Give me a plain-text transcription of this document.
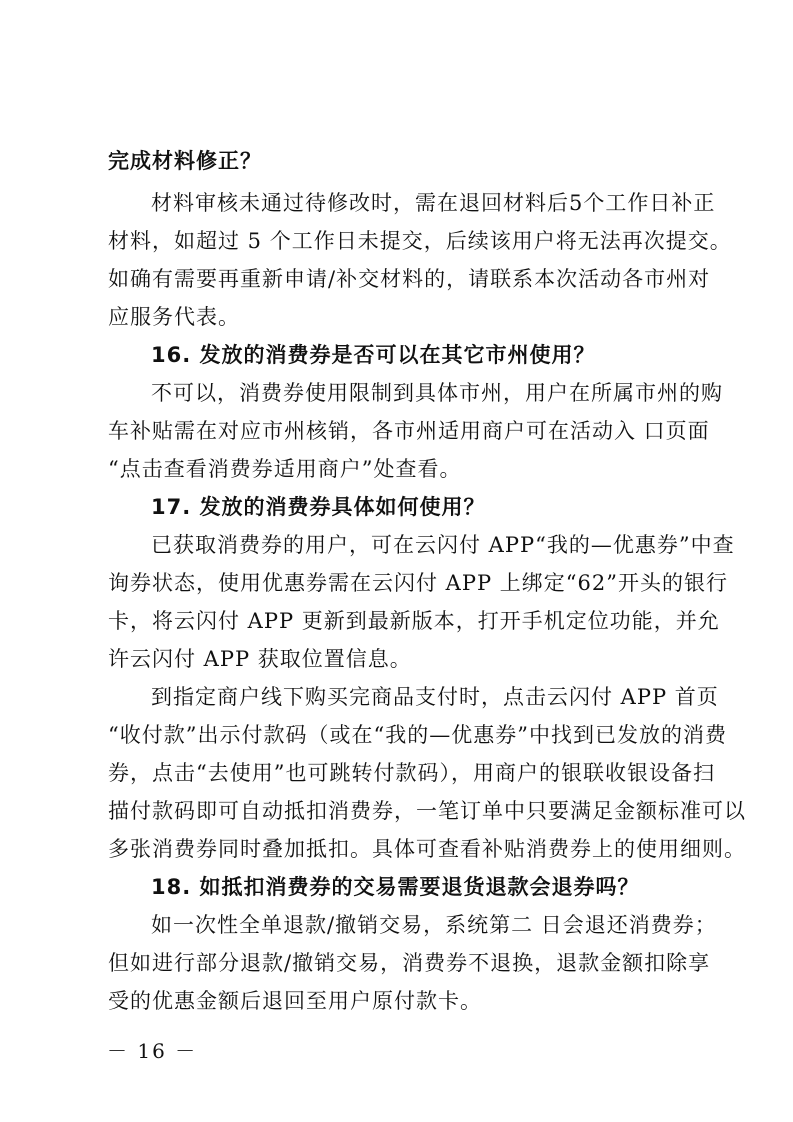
完成材料修正？
材料审核未通过待修改时，需在退回材料后5个工作日补正
材料，如超过 5 个工作日未提交，后续该用户将无法再次提交。
如确有需要再重新申请/补交材料的，请联系本次活动各市州对
应服务代表。
16. 发放的消费券是否可以在其它市州使用？
不可以，消费券使用限制到具体市州，用户在所属市州的购
车补贴需在对应市州核销，各市州适用商户可在活动入 口页面
“点击查看消费券适用商户”处查看。
17. 发放的消费券具体如何使用？
已获取消费券的用户，可在云闪付 APP“我的—优惠券”中查
询券状态，使用优惠券需在云闪付 APP 上绑定“62”开头的银行
卡，将云闪付 APP 更新到最新版本，打开手机定位功能，并允
许云闪付 APP 获取位置信息。
到指定商户线下购买完商品支付时，点击云闪付 APP 首页
“收付款”出示付款码（或在“我的—优惠券”中找到已发放的消费
券，点击“去使用”也可跳转付款码），用商户的银联收银设备扫
描付款码即可自动抵扣消费券，一笔订单中只要满足金额标准可以
多张消费券同时叠加抵扣。具体可查看补贴消费券上的使用细则。
18. 如抵扣消费券的交易需要退货退款会退券吗？
如一次性全单退款/撤销交易，系统第二 日会退还消费券；
但如进行部分退款/撤销交易，消费券不退换，退款金额扣除享
受的优惠金额后退回至用户原付款卡。
－ 16 －
